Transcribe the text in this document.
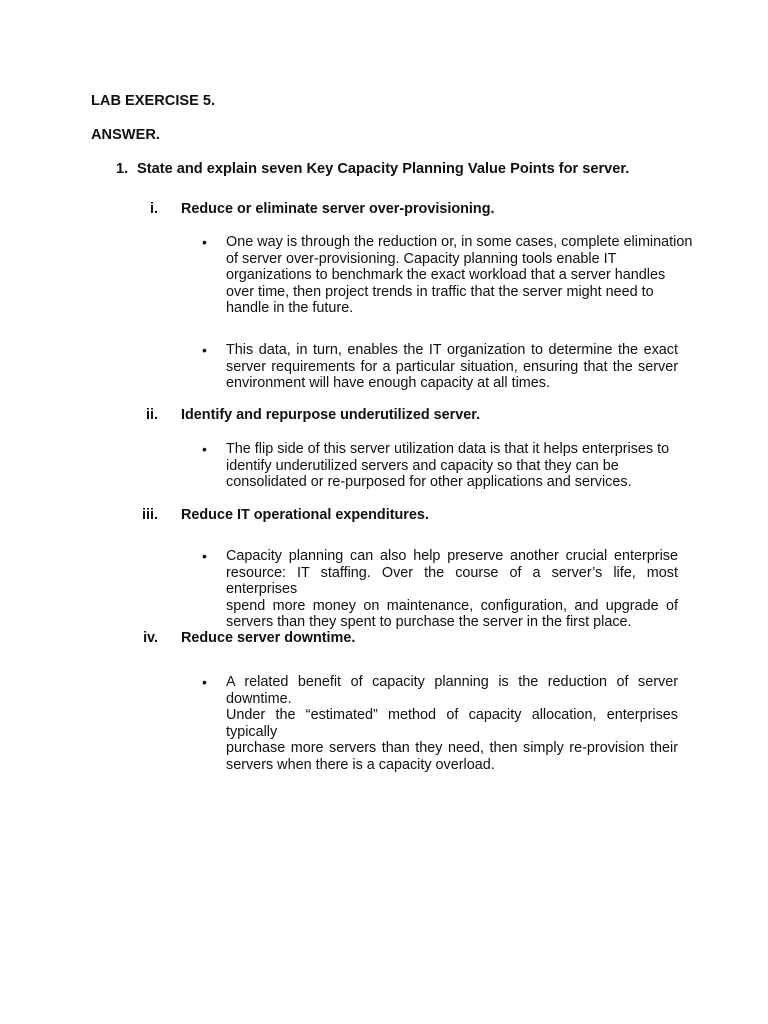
LAB EXERCISE 5.
ANSWER.
1. State and explain seven Key Capacity Planning Value Points for server.
i. Reduce or eliminate server over-provisioning.
• One way is through the reduction or, in some cases, complete elimination
of server over-provisioning. Capacity planning tools enable IT
organizations to benchmark the exact workload that a server handles
over time, then project trends in traffic that the server might need to
handle in the future.
• This data, in turn, enables the IT organization to determine the exact
server requirements for a particular situation, ensuring that the server
environment will have enough capacity at all times.
ii. Identify and repurpose underutilized server.
• The flip side of this server utilization data is that it helps enterprises to
identify underutilized servers and capacity so that they can be
consolidated or re-purposed for other applications and services.
iii. Reduce IT operational expenditures.
• Capacity planning can also help preserve another crucial enterprise
resource: IT staffing. Over the course of a server’s life, most enterprises
spend more money on maintenance, configuration, and upgrade of
servers than they spent to purchase the server in the first place.
iv. Reduce server downtime.
• A related benefit of capacity planning is the reduction of server downtime.
Under the “estimated” method of capacity allocation, enterprises typically
purchase more servers than they need, then simply re-provision their
servers when there is a capacity overload.
